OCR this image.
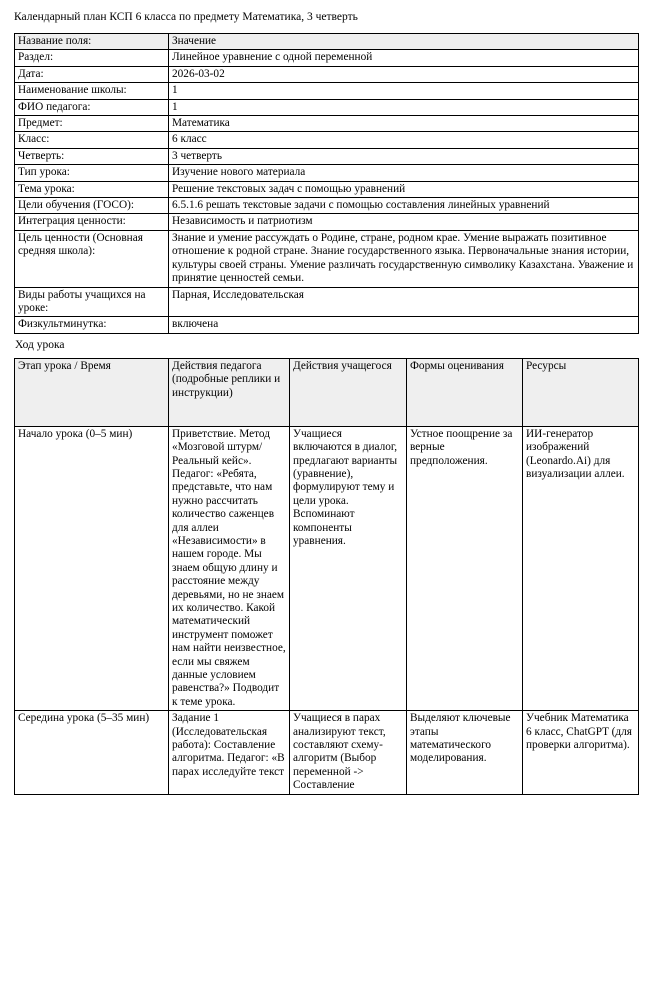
Календарный план КСП 6 класса по предмету Математика, 3 четверть
Название поля:	Значение
Раздел:	Линейное уравнение с одной переменной
Дата:	2026-03-02
Наименование школы:	1
ФИО педагога:	1
Предмет:	Математика
Класс:	6 класс
Четверть:	3 четверть
Тип урока:	Изучение нового материала
Тема урока:	Решение текстовых задач с помощью уравнений
Цели обучения (ГОСО):	6.5.1.6 решать текстовые задачи с помощью составления линейных уравнений
Интеграция ценности:	Независимость и патриотизм
Цель ценности (Основная средняя школа):	Знание и умение рассуждать о Родине, стране, родном крае. Умение выражать позитивное отношение к родной стране. Знание государственного языка. Первоначальные знания истории, культуры своей страны. Умение различать государственную символику Казахстана. Уважение и принятие ценностей семьи.
Виды работы учащихся на уроке:	Парная, Исследовательская
Физкультминутка:	включена
Ход урока
Этап урока / Время	Действия педагога (подробные реплики и инструкции)	Действия учащегося	Формы оценивания	Ресурсы
Начало урока (0–5 мин)	Приветствие. Метод «Мозговой штурм/Реальный кейс». Педагог: «Ребята, представьте, что нам нужно рассчитать количество саженцев для аллеи «Независимости» в нашем городе. Мы знаем общую длину и расстояние между деревьями, но не знаем их количество. Какой математический инструмент поможет нам найти неизвестное, если мы свяжем данные условием равенства?» Подводит к теме урока.	Учащиеся включаются в диалог, предлагают варианты (уравнение), формулируют тему и цели урока. Вспоминают компоненты уравнения.	Устное поощрение за верные предположения.	ИИ-генератор изображений (Leonardo.Ai) для визуализации аллеи.
Середина урока (5–35 мин)	Задание 1 (Исследовательская работа): Составление алгоритма. Педагог: «В парах исследуйте текст	Учащиеся в парах анализируют текст, составляют схему-алгоритм (Выбор переменной -> Составление	Выделяют ключевые этапы математического моделирования.	Учебник Математика 6 класс, ChatGPT (для проверки алгоритма).
